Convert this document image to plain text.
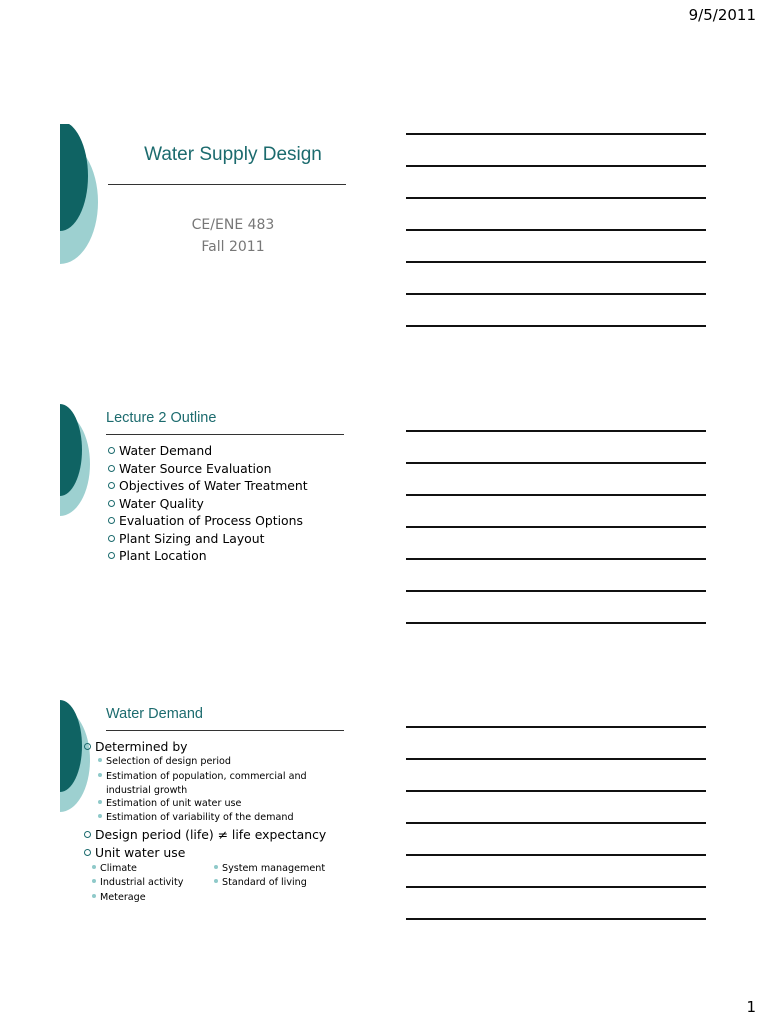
9/5/2011
Water Supply Design
CE/ENE 483
Fall 2011
Lecture 2 Outline
Water Demand
Water Source Evaluation
Objectives of Water Treatment
Water Quality
Evaluation of Process Options
Plant Sizing and Layout
Plant Location
Water Demand
Determined by
Selection of design period
Estimation of population, commercial and
industrial growth
Estimation of unit water use
Estimation of variability of the demand
Design period (life) ≠ life expectancy
Unit water use
Climate
Industrial activity
Meterage
System management
Standard of living
1
